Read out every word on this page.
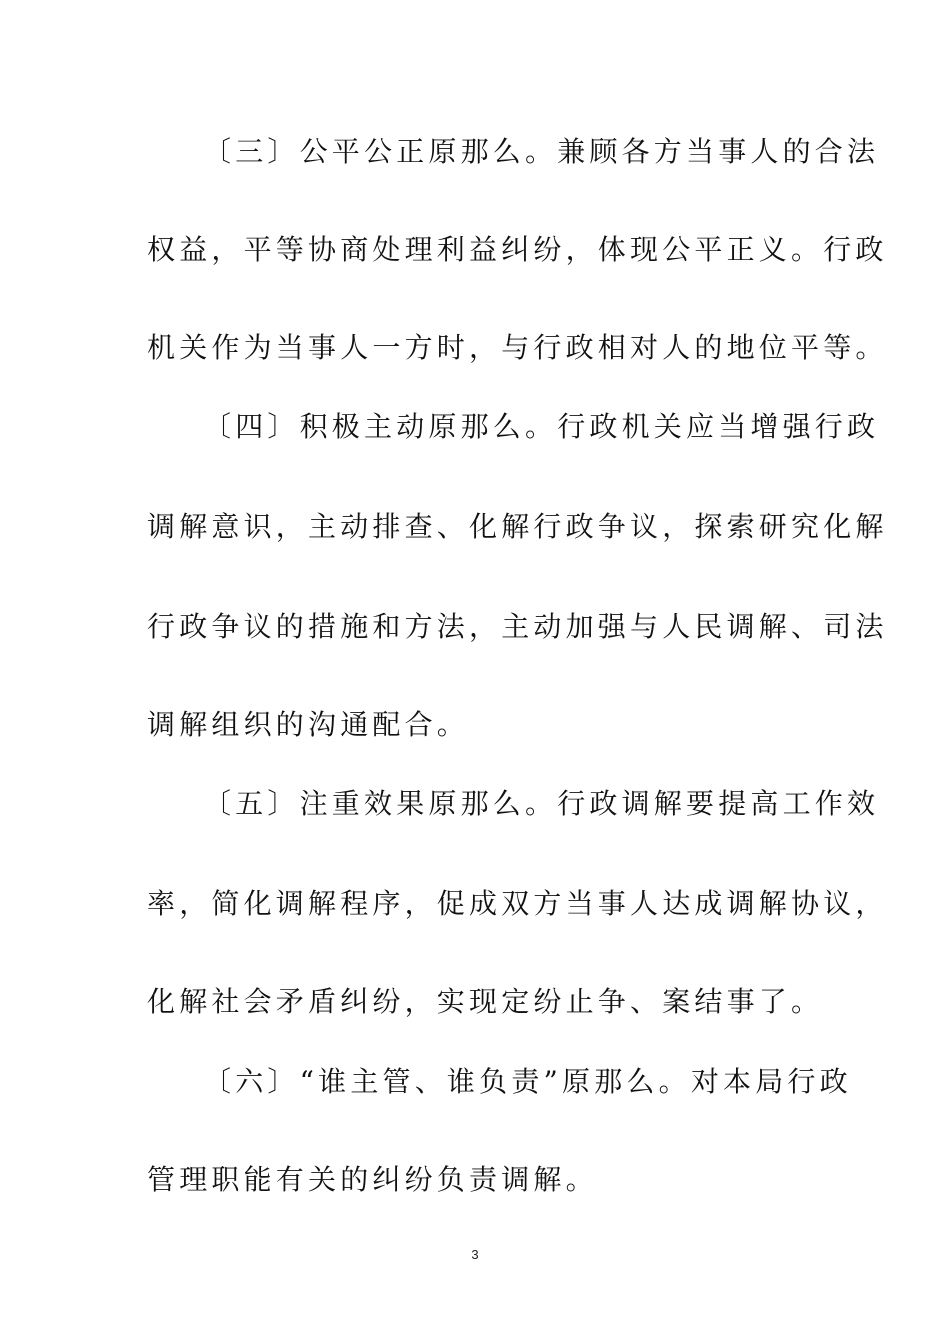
〔三〕公平公正原那么。兼顾各方当事人的合法
权益，平等协商处理利益纠纷，体现公平正义。行政
机关作为当事人一方时，与行政相对人的地位平等。
〔四〕积极主动原那么。行政机关应当增强行政
调解意识，主动排查、化解行政争议，探索研究化解
行政争议的措施和方法，主动加强与人民调解、司法
调解组织的沟通配合。
〔五〕注重效果原那么。行政调解要提高工作效
率，简化调解程序，促成双方当事人达成调解协议，
化解社会矛盾纠纷，实现定纷止争、案结事了。
〔六〕“谁主管、谁负责”原那么。对本局行政
管理职能有关的纠纷负责调解。
3
